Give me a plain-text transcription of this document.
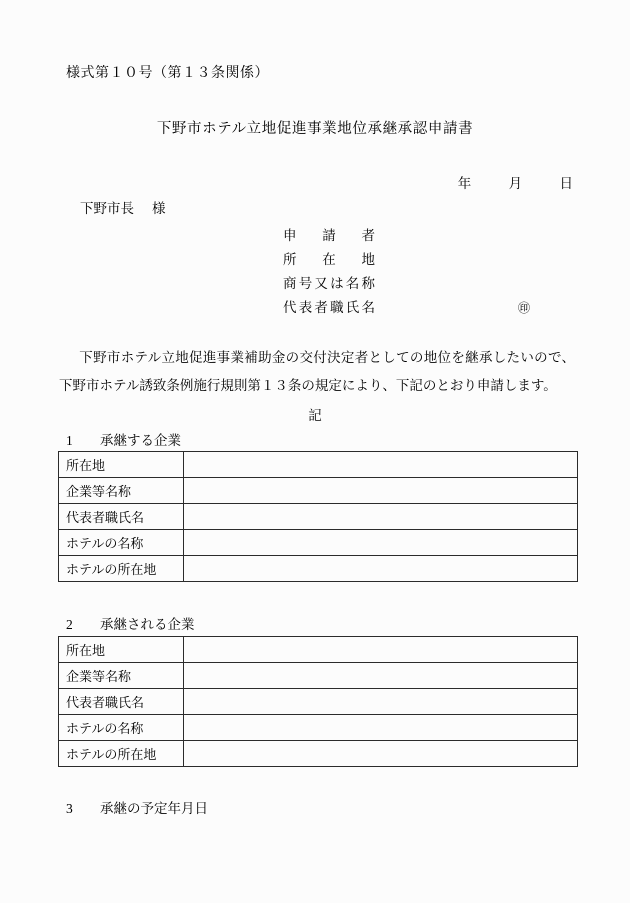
様式第１０号（第１３条関係）
下野市ホテル立地促進事業地位承継承認申請書
年	月	日
下野市長 様
申請者
所在地
商号又は名称
代表者職氏名	㊞
下野市ホテル立地促進事業補助金の交付決定者としての地位を継承したいので、下野市ホテル誘致条例施行規則第１３条の規定により、下記のとおり申請します。
記
1 承継する企業
所在地	
企業等名称	
代表者職氏名	
ホテルの名称	
ホテルの所在地	
2 承継される企業
所在地	
企業等名称	
代表者職氏名	
ホテルの名称	
ホテルの所在地	
3 承継の予定年月日
